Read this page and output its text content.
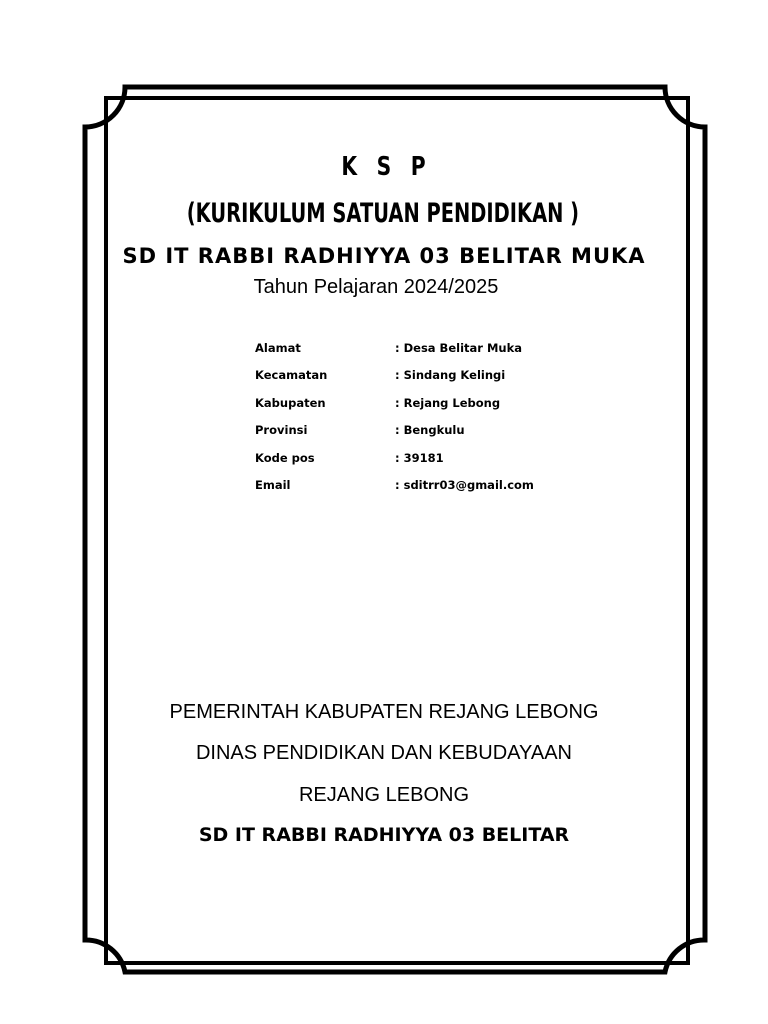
K S P
(KURIKULUM SATUAN PENDIDIKAN )
SD IT RABBI RADHIYYA 03 BELITAR MUKA
Tahun Pelajaran 2024/2025
Alamat	: Desa Belitar Muka
Kecamatan	: Sindang Kelingi
Kabupaten	: Rejang Lebong
Provinsi	: Bengkulu
Kode pos	: 39181
Email	: sditrr03@gmail.com
PEMERINTAH KABUPATEN REJANG LEBONG
DINAS PENDIDIKAN DAN KEBUDAYAAN
REJANG LEBONG
SD IT RABBI RADHIYYA 03 BELITAR
